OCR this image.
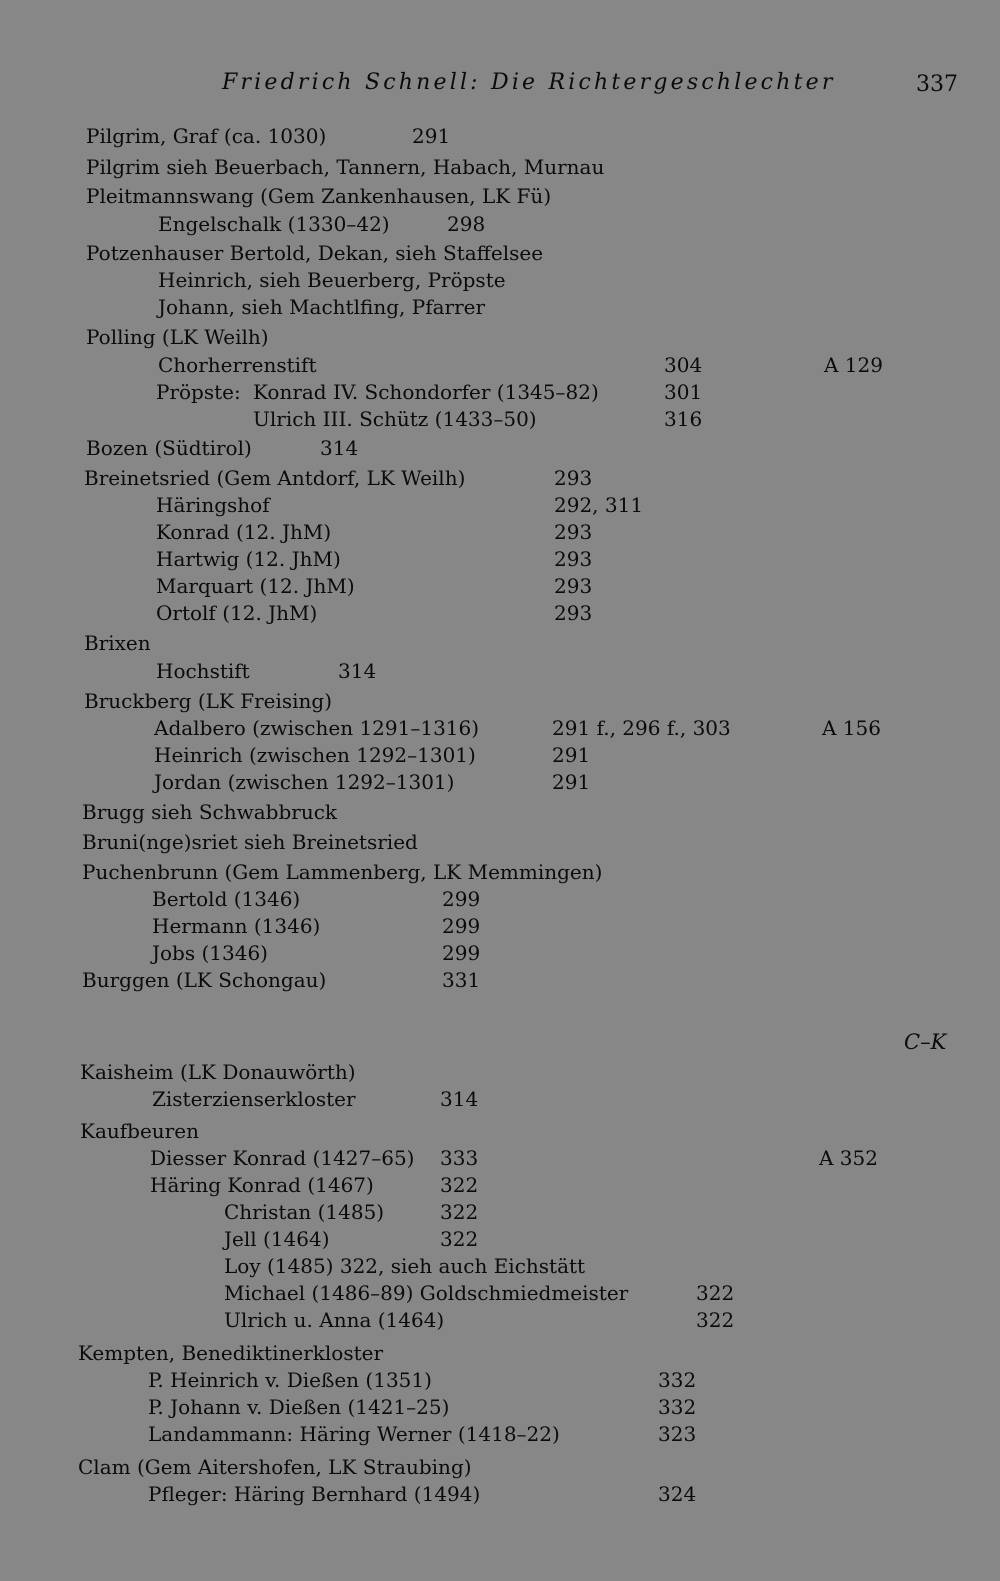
Friedrich Schnell: Die Richtergeschlechter	337
C–K
Pilgrim, Graf (ca. 1030)	291
Pilgrim sieh Beuerbach, Tannern, Habach, Murnau
Pleitmannswang (Gem Zankenhausen, LK Fü)
Engelschalk (1330–42)	298
Potzenhauser Bertold, Dekan, sieh Staffelsee
Heinrich, sieh Beuerberg, Pröpste
Johann, sieh Machtlfing, Pfarrer
Polling (LK Weilh)
Chorherrenstift	304	A 129
Pröpste: Konrad IV. Schondorfer (1345–82)	301
Ulrich III. Schütz (1433–50)	316
Bozen (Südtirol)	314
Breinetsried (Gem Antdorf, LK Weilh)	293
Häringshof	292, 311
Konrad (12. JhM)	293
Hartwig (12. JhM)	293
Marquart (12. JhM)	293
Ortolf (12. JhM)	293
Brixen
Hochstift	314
Bruckberg (LK Freising)
Adalbero (zwischen 1291–1316)	291 f., 296 f., 303	A 156
Heinrich (zwischen 1292–1301)	291
Jordan (zwischen 1292–1301)	291
Brugg sieh Schwabbruck
Bruni(nge)sriet sieh Breinetsried
Puchenbrunn (Gem Lammenberg, LK Memmingen)
Bertold (1346)	299
Hermann (1346)	299
Jobs (1346)	299
Burggen (LK Schongau)	331
Kaisheim (LK Donauwörth)
Zisterzienserkloster	314
Kaufbeuren
Diesser Konrad (1427–65) 333	A 352
Häring Konrad (1467)	322
Christan (1485)	322
Jell (1464)	322
Loy (1485) 322, sieh auch Eichstätt
Michael (1486–89) Goldschmiedmeister	322
Ulrich u. Anna (1464)	322
Kempten, Benediktinerkloster
P. Heinrich v. Dießen (1351)	332
P. Johann v. Dießen (1421–25)	332
Landammann: Häring Werner (1418–22)	323
Clam (Gem Aitershofen, LK Straubing)
Pfleger: Häring Bernhard (1494)	324
